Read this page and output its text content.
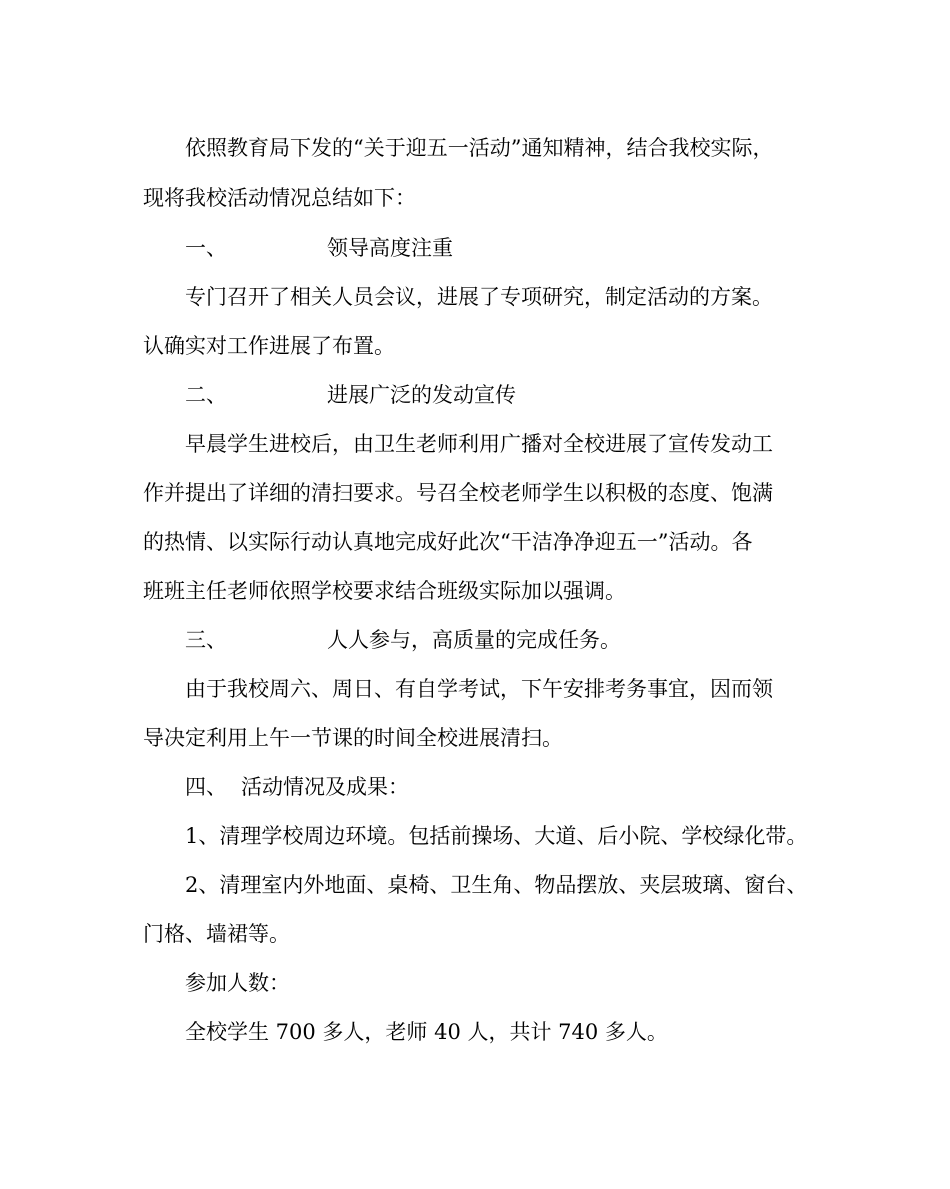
依照教育局下发的“关于迎五一活动”通知精神，结合我校实际，
现将我校活动情况总结如下：
一、	领导高度注重
专门召开了相关人员会议，进展了专项研究，制定活动的方案。
认确实对工作进展了布置。
二、	进展广泛的发动宣传
早晨学生进校后，由卫生老师利用广播对全校进展了宣传发动工
作并提出了详细的清扫要求。号召全校老师学生以积极的态度、饱满
的热情、以实际行动认真地完成好此次“干洁净净迎五一”活动。各
班班主任老师依照学校要求结合班级实际加以强调。
三、	人人参与，高质量的完成任务。
由于我校周六、周日、有自学考试，下午安排考务事宜，因而领
导决定利用上午一节课的时间全校进展清扫。
四、 活动情况及成果：
1、清理学校周边环境。包括前操场、大道、后小院、学校绿化带。
2、清理室内外地面、桌椅、卫生角、物品摆放、夹层玻璃、窗台、
门格、墙裙等。
参加人数：
全校学生 700 多人，老师 40 人，共计 740 多人。
